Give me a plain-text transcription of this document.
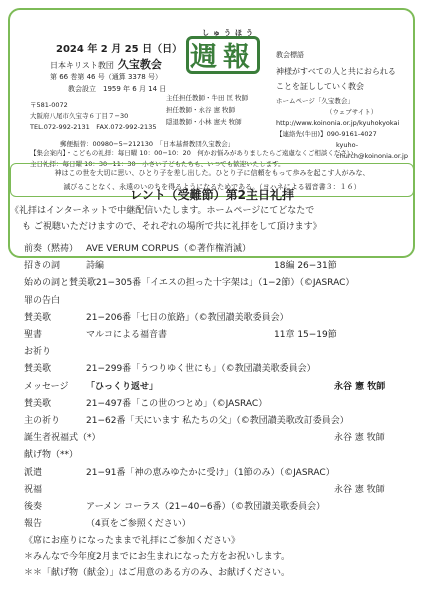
2024 年 2 月 25 日（日）
日本キリスト教団 久宝教会
第 66 巻第 46 号（通算 3378 号）
教会設立　1959 年 6 月 14 日
しゅうほう
週報	教会標語
神様がすべての人と共におられることを証ししていく教会
主任担任教師・牛田 匡 牧師
担任教師・永谷 憲 牧師
隠退教師・小林 憲夫 牧師
ホームページ「久宝教会」
（ウェブサイト）
http://www.koinonia.or.jp/kyuhokyokai
【連絡先(牛田)】090-9161-4027
kyuho-church@koinonia.or.jp
〒581-0072
大阪府八尾市久宝寺６丁目７−30
TEL.072-992-2131　FAX.072-992-2135
郵便振替：00980−5−212130　「日本基督教団久宝教会」
【集会案内】・こどもの礼拝：毎日曜 10：00−10：20　何かお悩みがありましたらご遠慮なくご相談ください
主日礼拝：毎日曜 10：30−11：30　小さい子どもたちも、いつでも歓迎いたします。
神はこの世を大切に思い、ひとり子を差し出した。ひとり子に信頼をもって歩みを起こす人がみな、
滅びることなく、永遠のいのちを得るようになるためである。（ヨハネによる福音書３：１６）
レント（受難節）第2主日礼拝
《礼拝はインターネットで中継配信いたします。ホームページにてどなたで
も ご視聴いただけますので、それぞれの場所で共に礼拝をして頂けます》
前奏（黙祷） AVE VERUM CORPUS（©著作権消滅）
招きの詞	詩編	18編 26−31節
始めの詞と賛美歌21−305番「イエスの担った十字架は」（1−2節）（©JASRAC）
罪の告白
賛美歌	21−206番「七日の旅路」（©教団讃美歌委員会）
聖書	マルコによる福音書	11章 15−19節
お祈り
賛美歌	21−299番「うつりゆく世にも」（©教団讃美歌委員会）
メッセージ 「ひっくり返せ」	永谷 憲 牧師
賛美歌	21−497番「この世のつとめ」（©JASRAC）
主の祈り	21−62番「天にいます 私たちの父」（©教団讃美歌改訂委員会）
誕生者祝福式（*）	永谷 憲 牧師
献げ物（**）
派遣	21−91番「神の恵みゆたかに受け」（1節のみ）（©JASRAC）
祝福	永谷 憲 牧師
後奏	アーメン コーラス（21−40−6番）（©教団讃美歌委員会）
報告	（4頁をご参照ください）
《席にお座りになったままで礼拝にご参加ください》
＊みんなで今年度2月までにお生まれになった方をお祝いします。
＊＊「献げ物（献金）」はご用意のある方のみ、お献げください。
